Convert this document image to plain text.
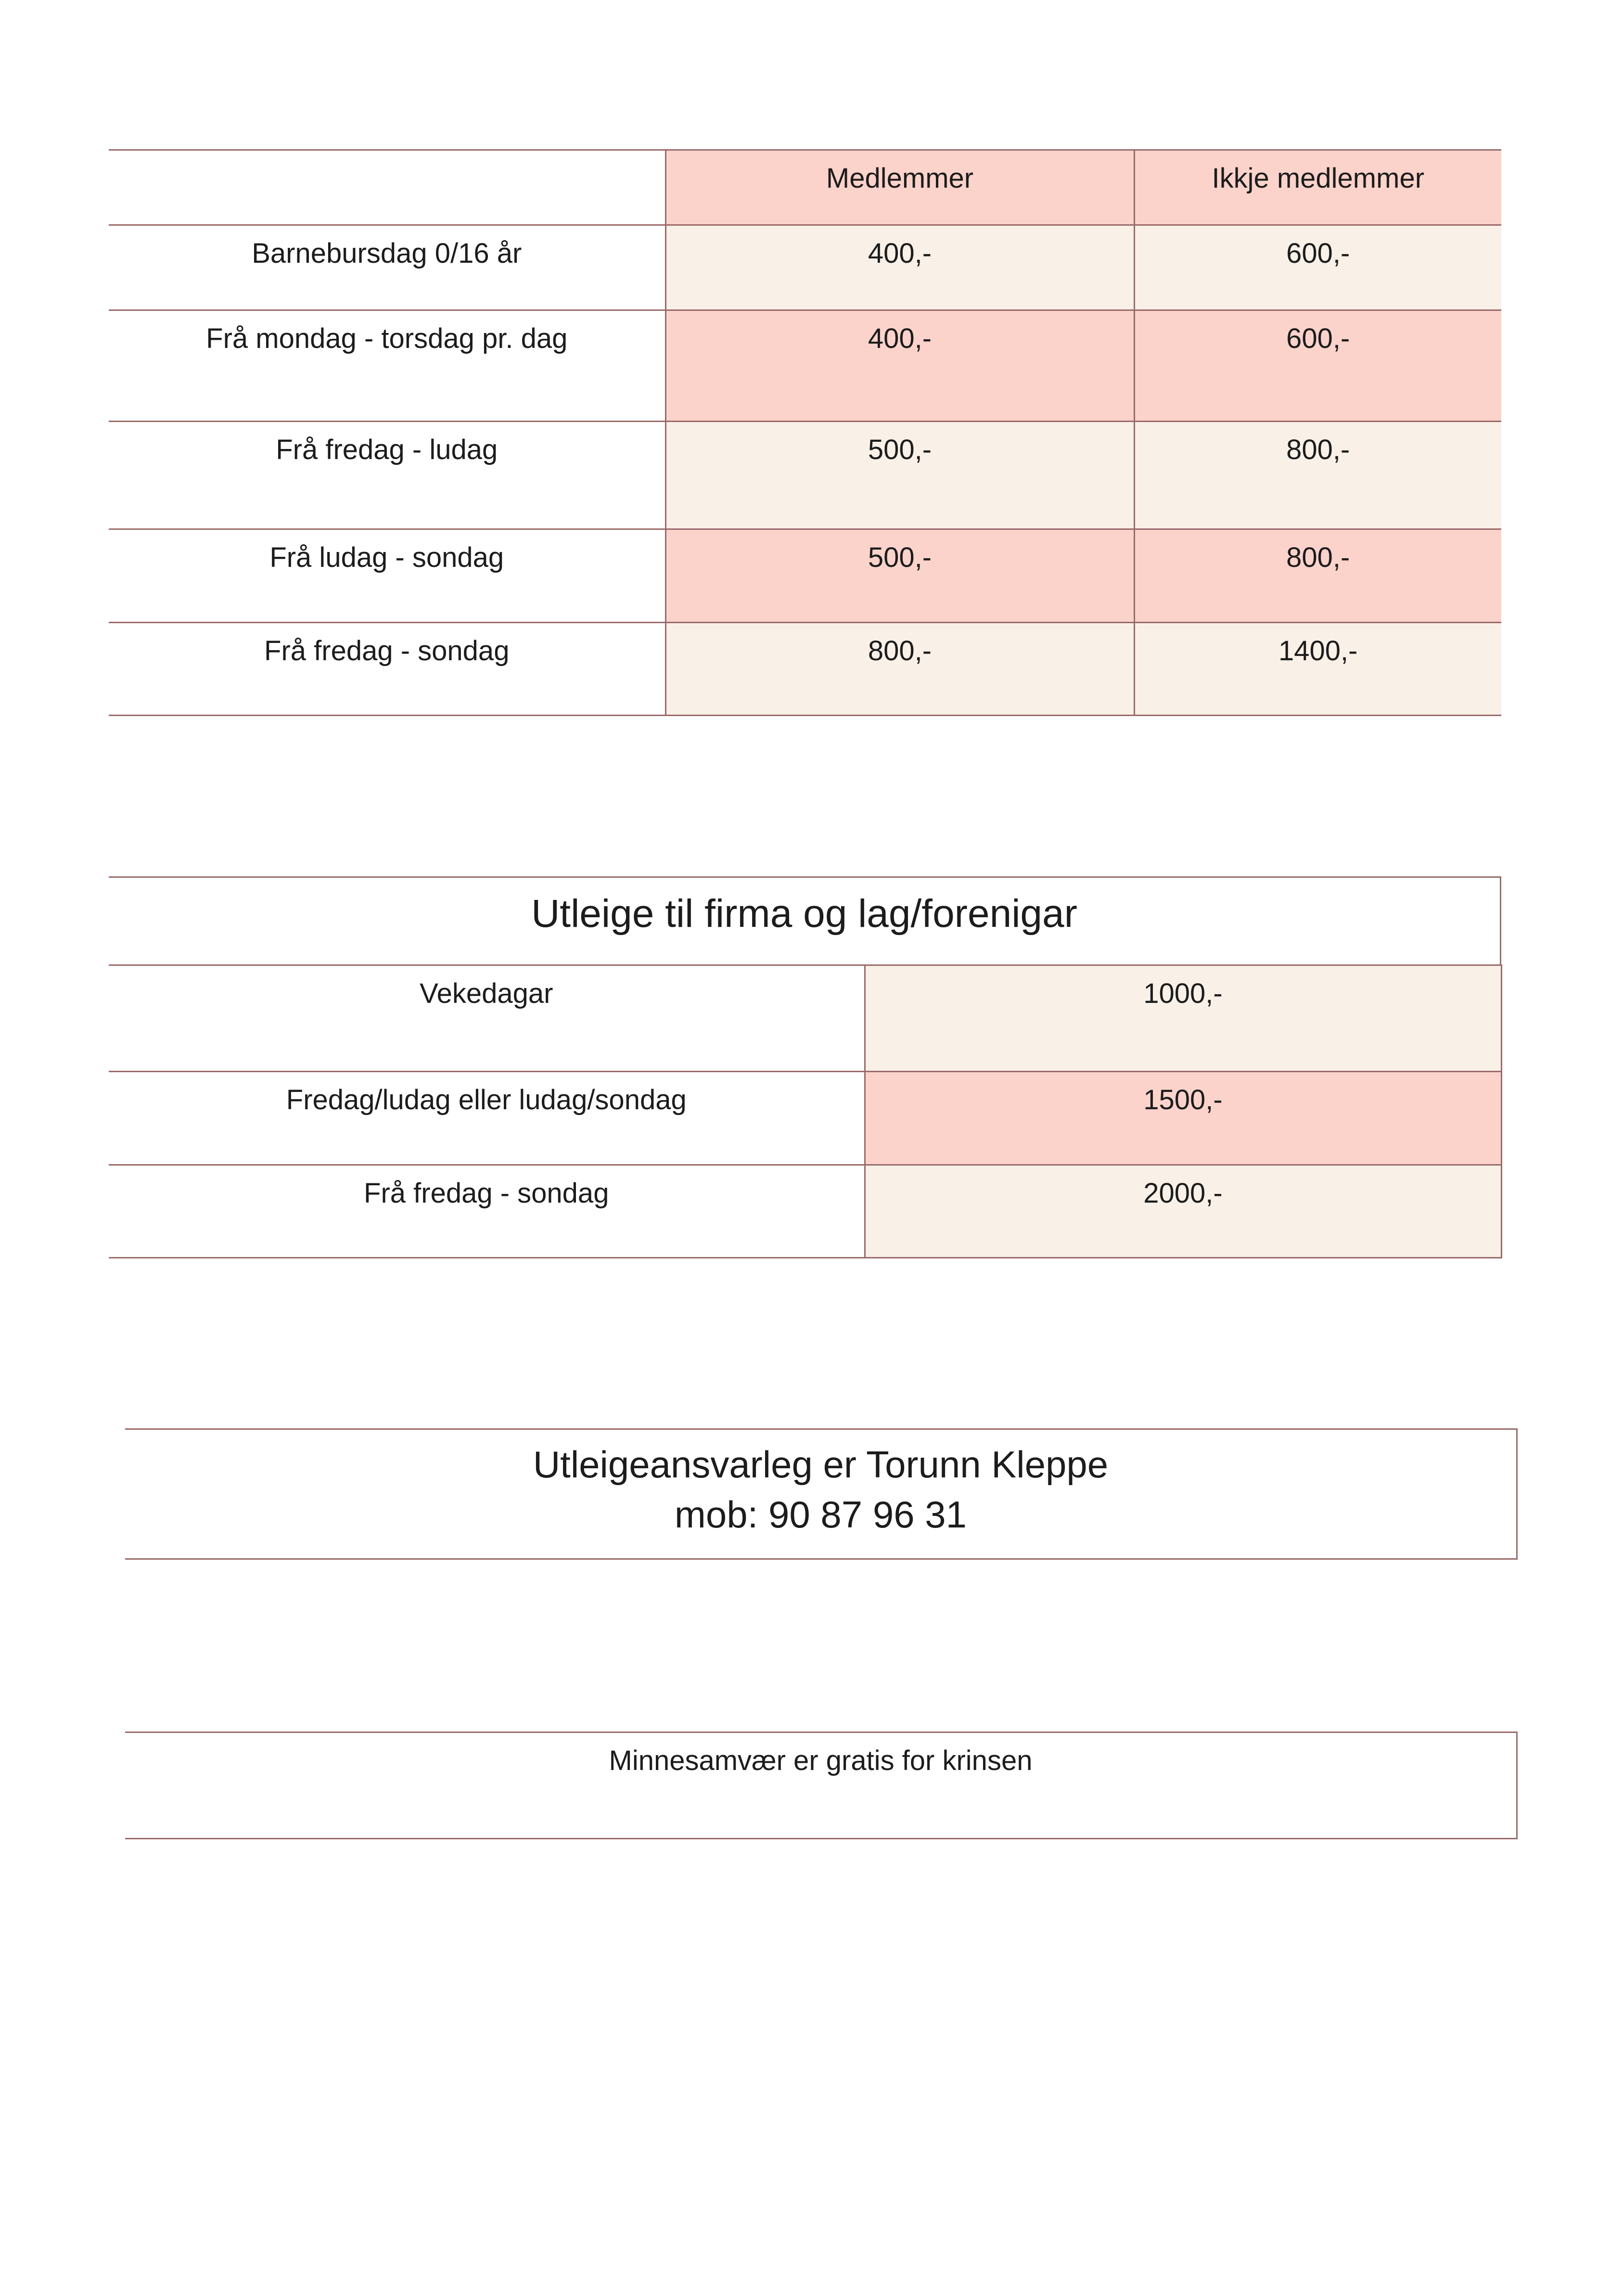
	Medlemmer	Ikkje medlemmer
Barnebursdag 0/16 år	400,-	600,-
Frå mondag - torsdag pr. dag	400,-	600,-
Frå fredag - ludag	500,-	800,-
Frå ludag - sondag	500,-	800,-
Frå fredag - sondag	800,-	1400,-
Utleige til firma og lag/forenigar
Vekedagar	1000,-
Fredag/ludag eller ludag/sondag	1500,-
Frå fredag - sondag	2000,-
Utleigeansvarleg er Torunn Kleppe
mob: 90 87 96 31
Minnesamvær er gratis for krinsen
